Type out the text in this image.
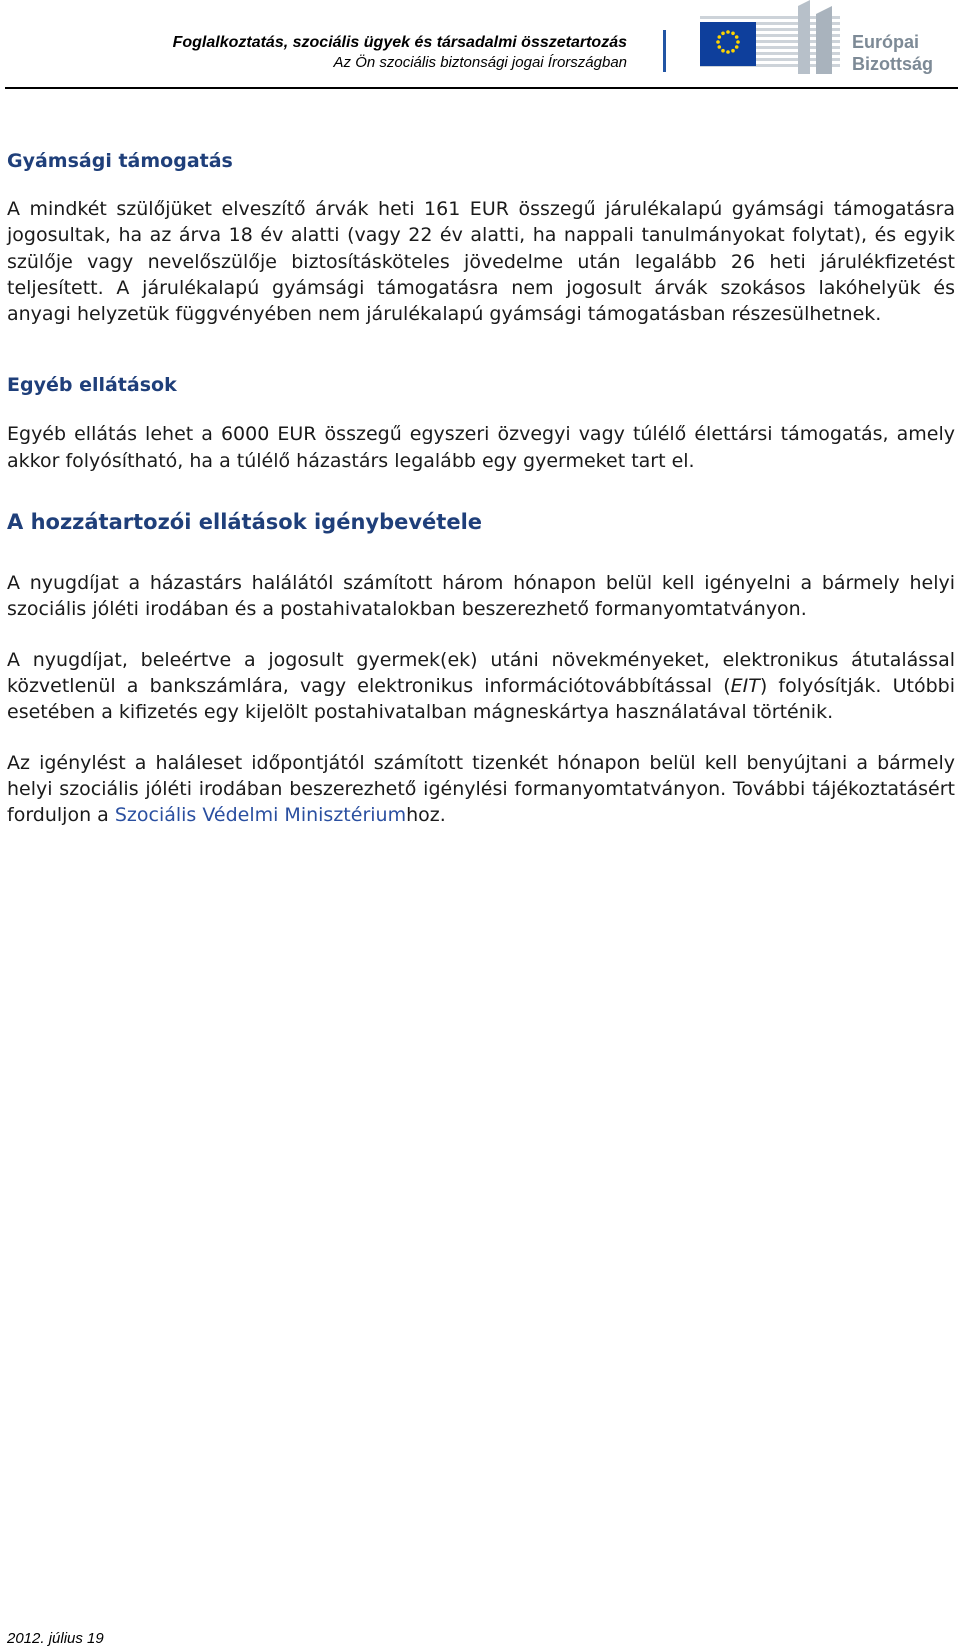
Foglalkoztatás, szociális ügyek és társadalmi összetartozás
Az Ön szociális biztonsági jogai Írországban
Európai
Bizottság
Gyámsági támogatás

A mindkét szülőjüket elveszítő árvák heti 161 EUR összegű járulékalapú gyámsági támogatásra jogosultak, ha az árva 18 év alatti (vagy 22 év alatti, ha nappali tanulmányokat folytat), és egyik szülője vagy nevelőszülője biztosításköteles jövedelme után legalább 26 heti járulékfizetést teljesített. A járulékalapú gyámsági támogatásra nem jogosult árvák szokásos lakóhelyük és anyagi helyzetük függvényében nem járulékalapú gyámsági támogatásban részesülhetnek.

Egyéb ellátások

Egyéb ellátás lehet a 6000 EUR összegű egyszeri özvegyi vagy túlélő élettársi támogatás, amely akkor folyósítható, ha a túlélő házastárs legalább egy gyermeket tart el.

A hozzátartozói ellátások igénybevétele

A nyugdíjat a házastárs halálától számított három hónapon belül kell igényelni a bármely helyi szociális jóléti irodában és a postahivatalokban beszerezhető formanyomtatványon.

A nyugdíjat, beleértve a jogosult gyermek(ek) utáni növekményeket, elektronikus átutalással közvetlenül a bankszámlára, vagy elektronikus információtovábbítással (EIT) folyósítják. Utóbbi esetében a kifizetés egy kijelölt postahivatalban mágneskártya használatával történik.

Az igénylést a haláleset időpontjától számított tizenkét hónapon belül kell benyújtani a bármely helyi szociális jóléti irodában beszerezhető igénylési formanyomtatványon. További tájékoztatásért forduljon a Szociális Védelmi Minisztériumhoz.

2012. július 19
